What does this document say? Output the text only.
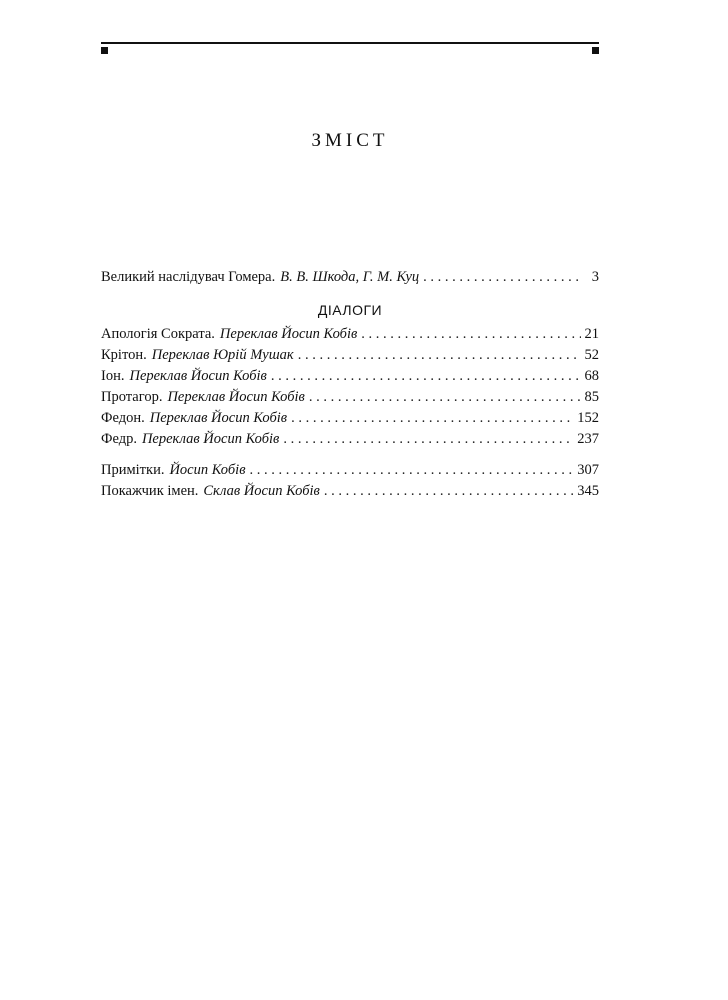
ЗМІСТ
Великий наслідувач Гомера. В. В. Шкода, Г. М. Куц . . .	3
ДІАЛОГИ
Апологія Сократа. Переклав Йосип Кобів . . .	21
Крітон. Переклав Юрій Мушак . . .	52
Іон. Переклав Йосип Кобів . . .	68
Протагор. Переклав Йосип Кобів . . .	85
Федон. Переклав Йосип Кобів . . .	152
Федр. Переклав Йосип Кобів . . .	237
Примітки. Йосип Кобів . . .	307
Покажчик імен. Склав Йосип Кобів . . .	345
